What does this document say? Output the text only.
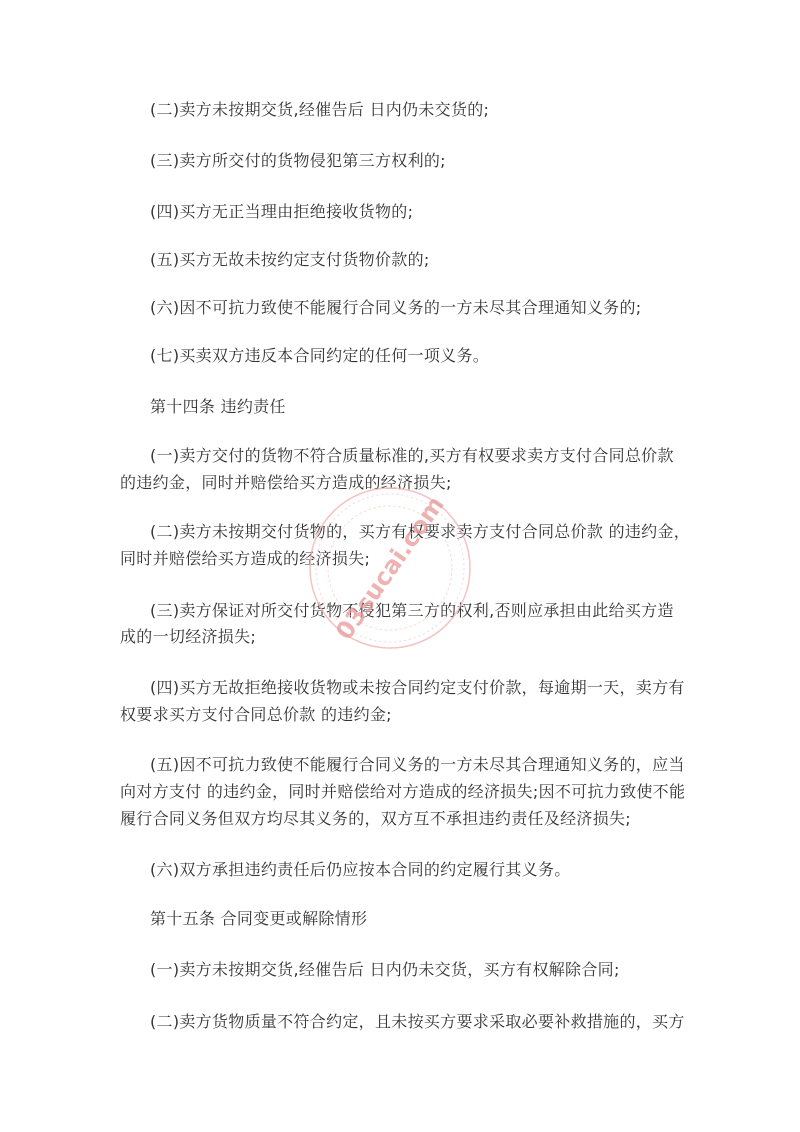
(二)卖方未按期交货,经催告后 日内仍未交货的;
(三)卖方所交付的货物侵犯第三方权利的;
(四)买方无正当理由拒绝接收货物的;
(五)买方无故未按约定支付货物价款的;
(六)因不可抗力致使不能履行合同义务的一方未尽其合理通知义务的;
(七)买卖双方违反本合同约定的任何一项义务。
第十四条 违约责任
(一)卖方交付的货物不符合质量标准的,买方有权要求卖方支付合同总价款
的违约金，同时并赔偿给买方造成的经济损失;
(二)卖方未按期交付货物的，买方有权要求卖方支付合同总价款 的违约金，
同时并赔偿给买方造成的经济损失;
(三)卖方保证对所交付货物不侵犯第三方的权利,否则应承担由此给买方造
成的一切经济损失;
(四)买方无故拒绝接收货物或未按合同约定支付价款，每逾期一天，卖方有
权要求买方支付合同总价款 的违约金;
(五)因不可抗力致使不能履行合同义务的一方未尽其合理通知义务的，应当
向对方支付 的违约金，同时并赔偿给对方造成的经济损失;因不可抗力致使不能
履行合同义务但双方均尽其义务的，双方互不承担违约责任及经济损失;
(六)双方承担违约责任后仍应按本合同的约定履行其义务。
第十五条 合同变更或解除情形
(一)卖方未按期交货,经催告后 日内仍未交货，买方有权解除合同;
(二)卖方货物质量不符合约定，且未按买方要求采取必要补救措施的，买方
03sucai.com
